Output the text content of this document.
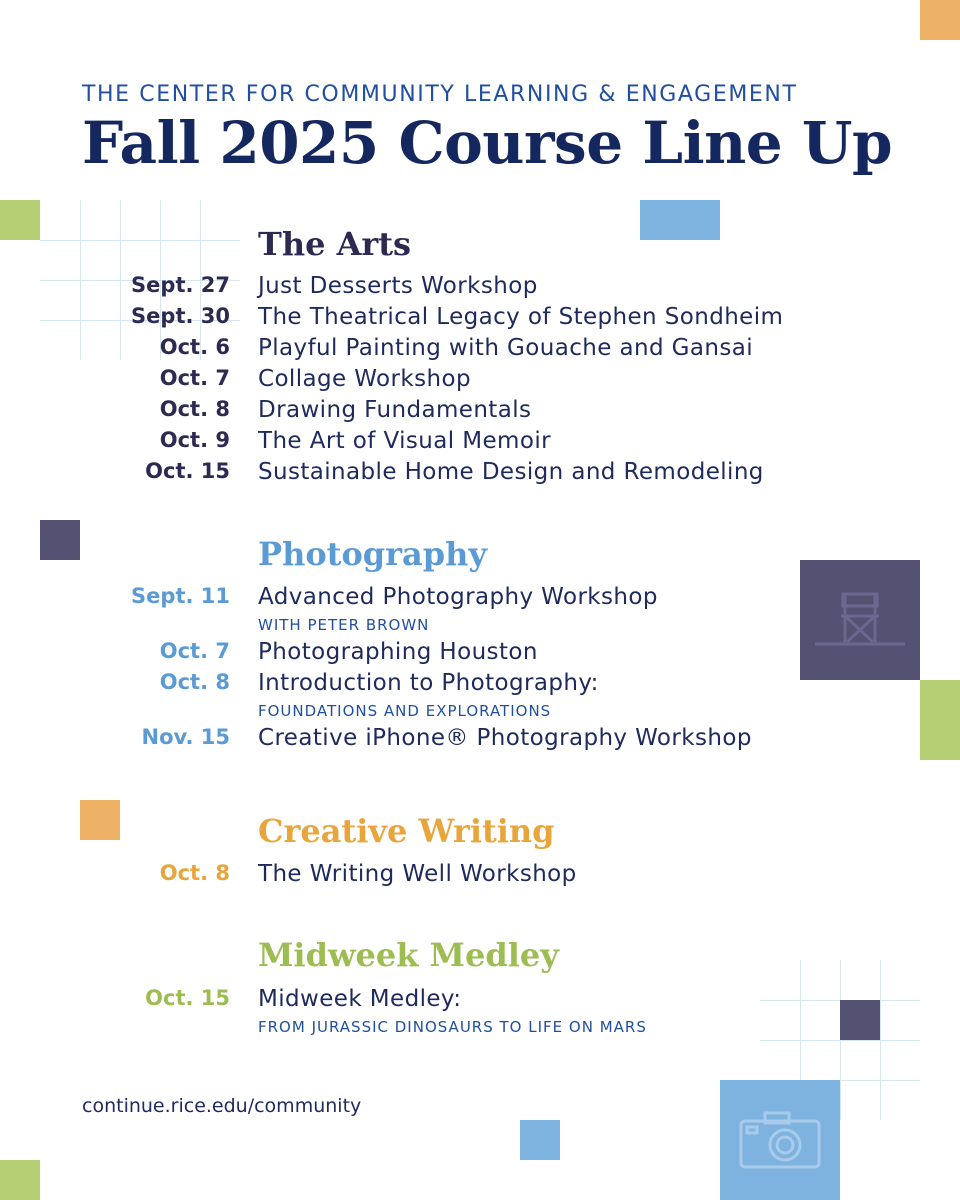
THE CENTER FOR COMMUNITY LEARNING & ENGAGEMENT
Fall 2025 Course Line Up
The Arts
Sept. 27 Just Desserts Workshop
Sept. 30 The Theatrical Legacy of Stephen Sondheim
Oct. 6 Playful Painting with Gouache and Gansai
Oct. 7 Collage Workshop
Oct. 8 Drawing Fundamentals
Oct. 9 The Art of Visual Memoir
Oct. 15 Sustainable Home Design and Remodeling
Photography
Sept. 11 Advanced Photography Workshop
WITH PETER BROWN
Oct. 7 Photographing Houston
Oct. 8 Introduction to Photography:
FOUNDATIONS AND EXPLORATIONS
Nov. 15 Creative iPhone® Photography Workshop
Creative Writing
Oct. 8 The Writing Well Workshop
Midweek Medley
Oct. 15 Midweek Medley:
FROM JURASSIC DINOSAURS TO LIFE ON MARS
continue.rice.edu/community
